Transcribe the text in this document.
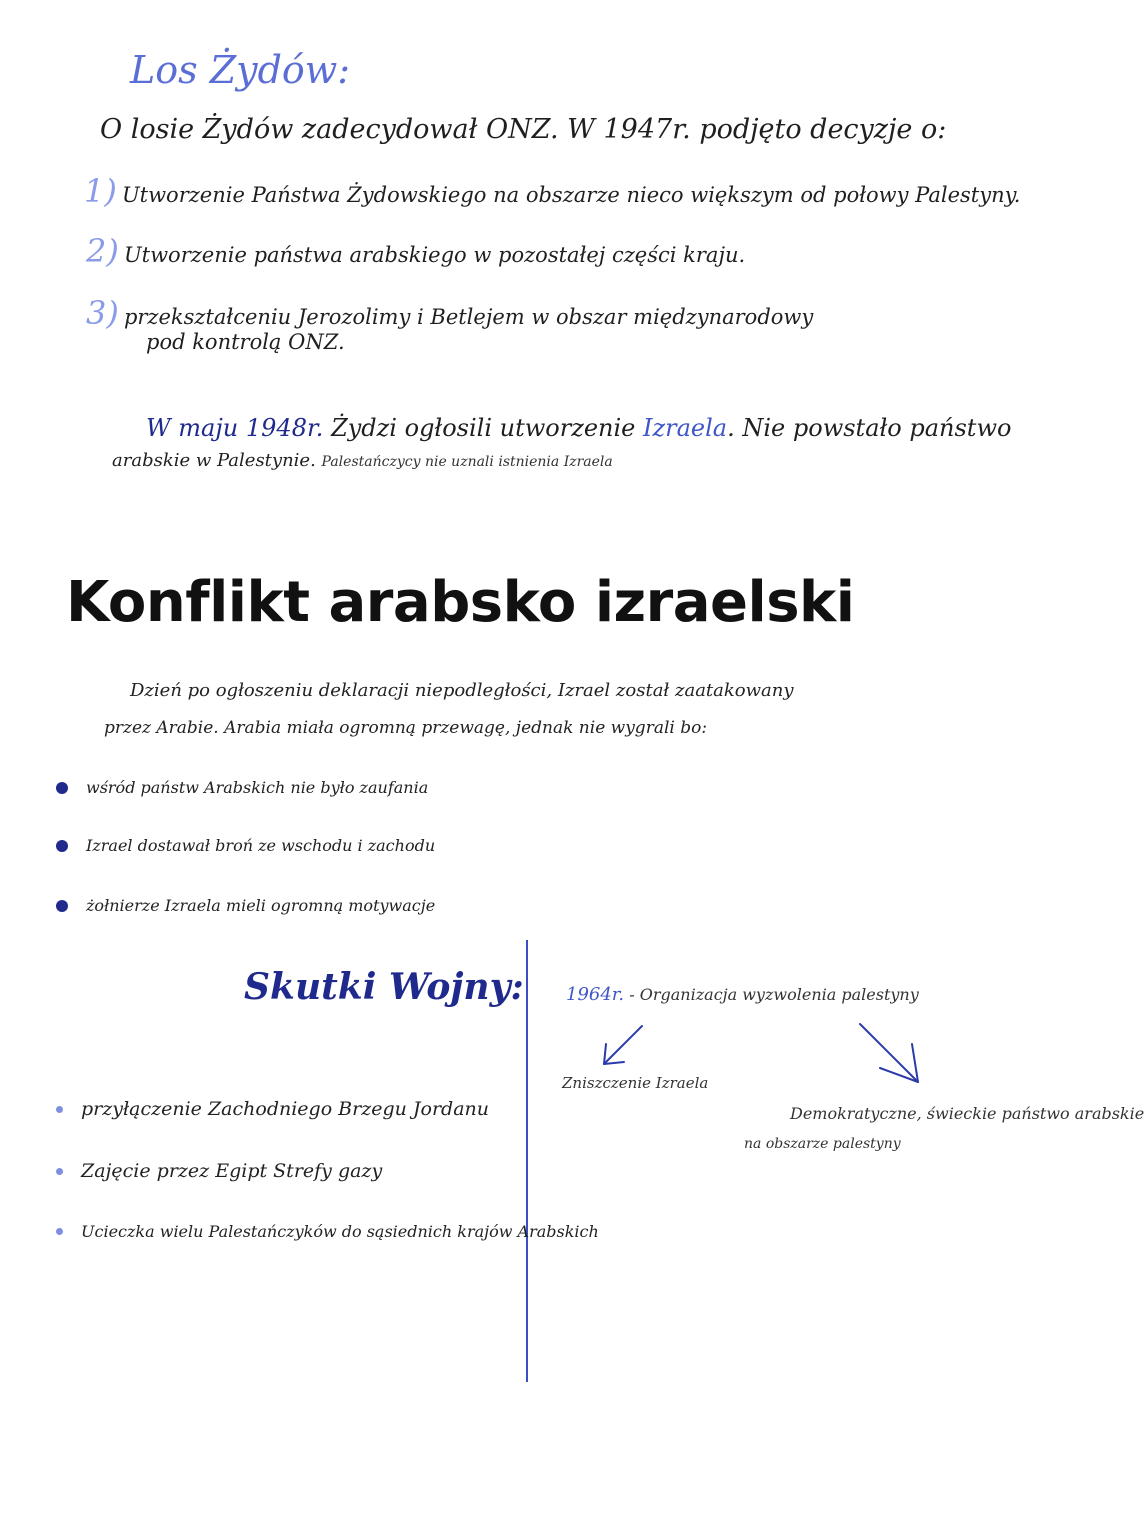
Los Żydów:
O losie Żydów zadecydował ONZ. W 1947r. podjęto decyzje o:
1) Utworzenie Państwa Żydowskiego na obszarze nieco większym od połowy Palestyny.
2) Utworzenie państwa arabskiego w pozostałej części kraju.
3) przekształceniu Jerozolimy i Betlejem w obszar międzynarodowy
pod kontrolą ONZ.
W maju 1948r. Żydzi ogłosili utworzenie Izraela. Nie powstało państwo
arabskie w Palestynie. Palestańczycy nie uznali istnienia Izraela
Konflikt arabsko izraelski
Dzień po ogłoszeniu deklaracji niepodległości, Izrael został zaatakowany
przez Arabie. Arabia miała ogromną przewagę, jednak nie wygrali bo:
wśród państw Arabskich nie było zaufania
Izrael dostawał broń ze wschodu i zachodu
żołnierze Izraela mieli ogromną motywacje
Skutki Wojny:
przyłączenie Zachodniego Brzegu Jordanu
Zajęcie przez Egipt Strefy gazy
Ucieczka wielu Palestańczyków do sąsiednich krajów Arabskich
1964r. - Organizacja wyzwolenia palestyny
Zniszczenie Izraela
Demokratyczne, świeckie państwo arabskie
na obszarze palestyny
